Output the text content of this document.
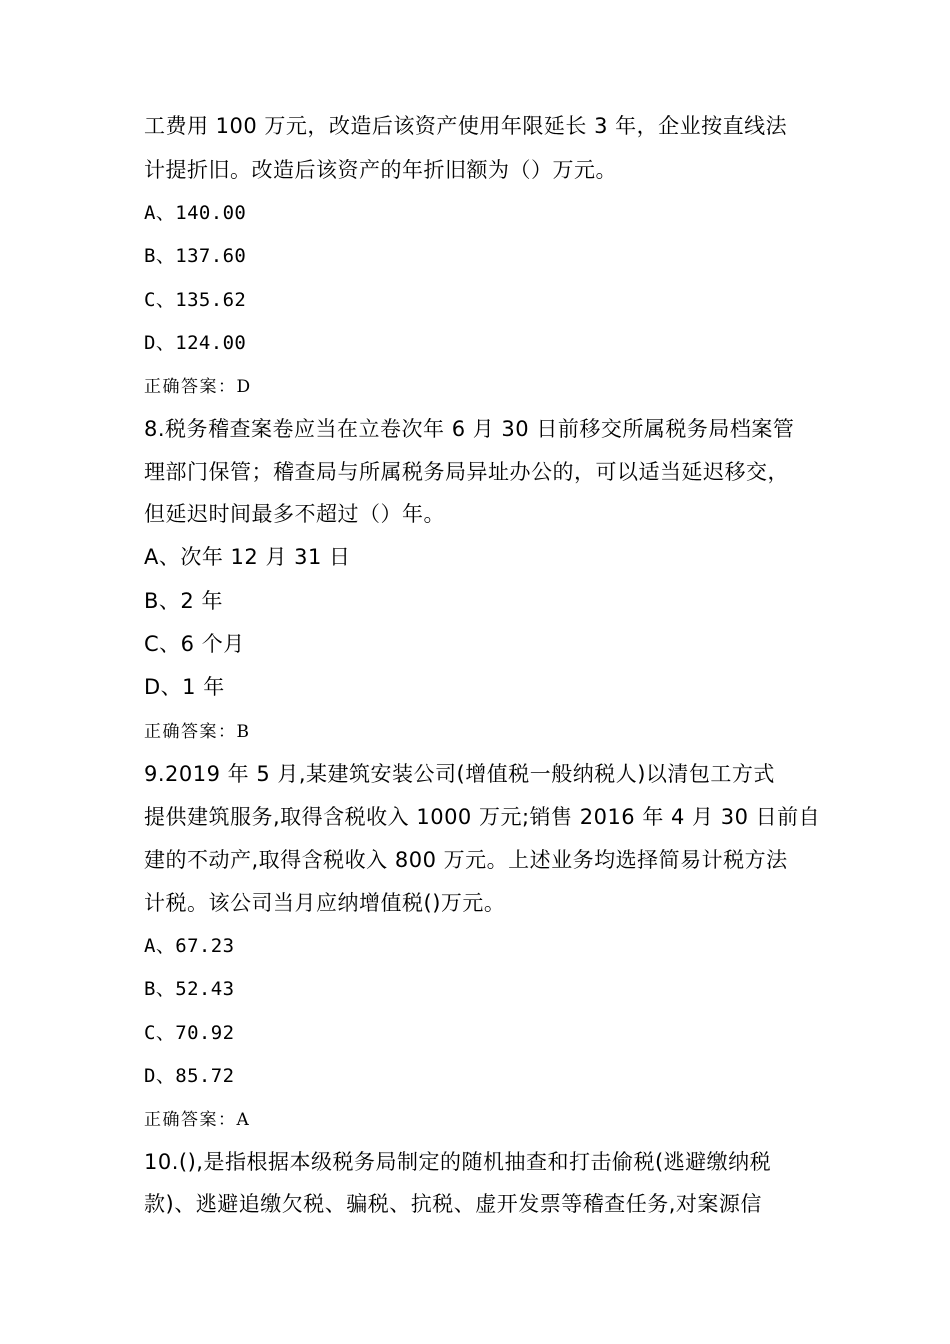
工费用 100 万元，改造后该资产使用年限延长 3 年，企业按直线法
计提折旧。改造后该资产的年折旧额为（）万元。
A、140.00
B、137.60
C、135.62
D、124.00
正确答案：D
8.税务稽查案卷应当在立卷次年 6 月 30 日前移交所属税务局档案管
理部门保管；稽查局与所属税务局异址办公的，可以适当延迟移交，
但延迟时间最多不超过（）年。
A、次年 12 月 31 日
B、2 年
C、6 个月
D、1 年
正确答案：B
9.2019 年 5 月,某建筑安装公司(增值税一般纳税人)以清包工方式
提供建筑服务,取得含税收入 1000 万元;销售 2016 年 4 月 30 日前自
建的不动产,取得含税收入 800 万元。上述业务均选择简易计税方法
计税。该公司当月应纳增值税()万元。
A、67.23
B、52.43
C、70.92
D、85.72
正确答案：A
10.(),是指根据本级税务局制定的随机抽查和打击偷税(逃避缴纳税
款)、逃避追缴欠税、骗税、抗税、虚开发票等稽查任务,对案源信
